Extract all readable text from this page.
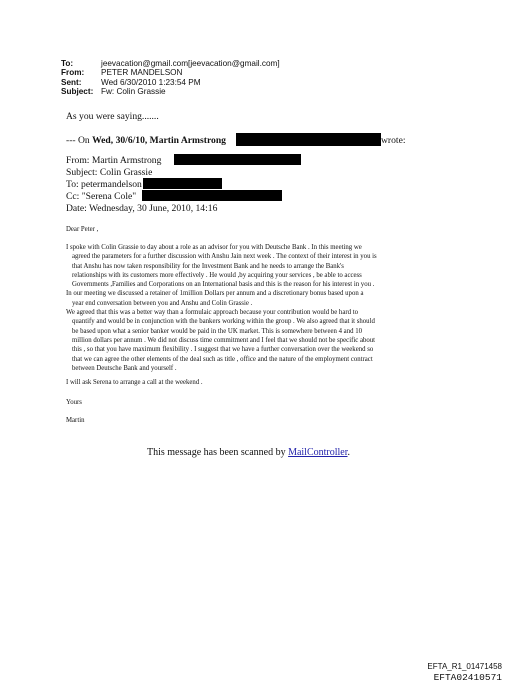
To:	jeevacation@gmail.com[jeevacation@gmail.com]
From:	PETER MANDELSON
Sent:	Wed 6/30/2010 1:23:54 PM
Subject: Fw: Colin Grassie
As you were saying.......
--- On Wed, 30/6/10, Martin Armstrong	wrote:
From: Martin Armstrong
Subject: Colin Grassie
To: petermandelson
Cc: "Serena Cole"
Date: Wednesday, 30 June, 2010, 14:16

Dear Peter ,

I spoke with Colin Grassie to day about a role as an advisor for you with Deutsche Bank . In this meeting we
agreed the parameters for a further discussion with Anshu Jain next week . The context of their interest in you is
that Anshu has now taken responsibility for the Investment Bank and he needs to arrange the Bank's
relationships with its customers more effectively . He would ,by acquiring your services , be able to access
Governments ,Families and Corporations on an International basis and this is the reason for his interest in you .
In our meeting we discussed a retainer of 1million Dollars per annum and a discretionary bonus based upon a
year end conversation between you and Anshu and Colin Grassie .
We agreed that this was a better way than a formulaic approach because your contribution would be hard to
quantify and would be in conjunction with the bankers working within the group . We also agreed that it should
be based upon what a senior banker would be paid in the UK market. This is somewhere between 4 and 10
million dollars per annum . We did not discuss time commitment and I feel that we should not be specific about
this , so that you have maximum flexibility . I suggest that we have a further conversation over the weekend so
that we can agree the other elements of the deal such as title , office and the nature of the employment contract
between Deutsche Bank and yourself .

I will ask Serena to arrange a call at the weekend .

Yours

Martin

This message has been scanned by MailController.
EFTA_R1_01471458
EFTA02410571
